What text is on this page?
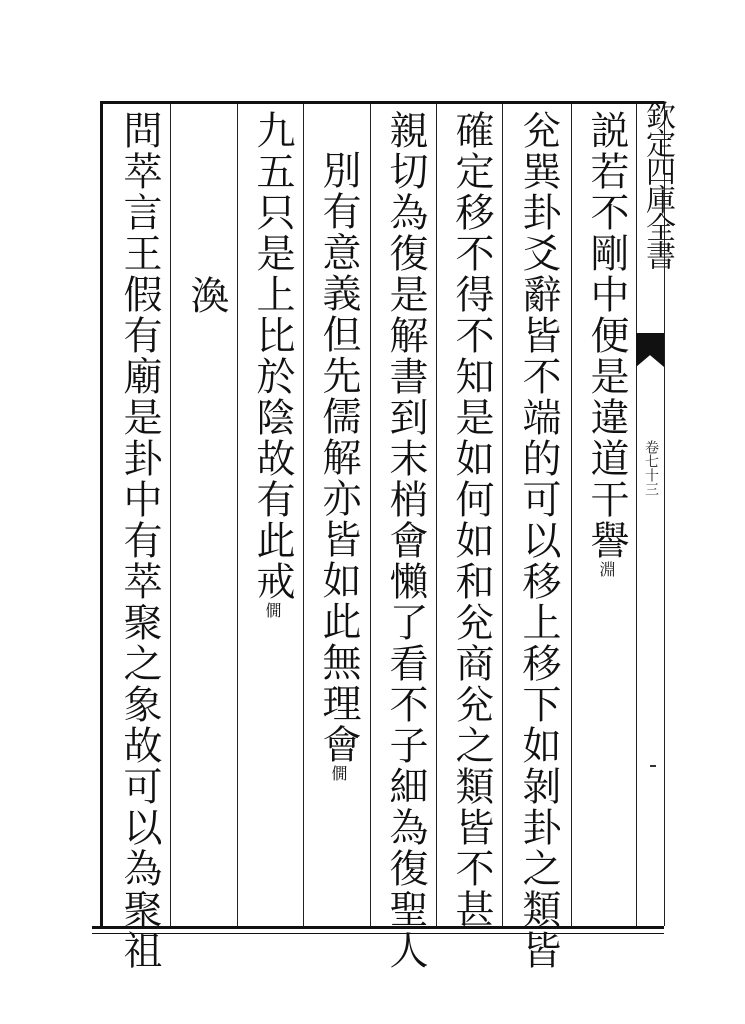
欽定四庫全書
卷七十三
説若不剛中便是違道干譽淵
兊巽卦爻辭皆不端的可以移上移下如剝卦之類皆
確定移不得不知是如何如和兊商兊之類皆不甚
親切為復是解書到末梢會懶了看不子細為復聖人
別有意義但先儒解亦皆如此無理會僩
九五只是上比於陰故有此戒僩
渙
問萃言王假有廟是卦中有萃聚之象故可以為聚祖
